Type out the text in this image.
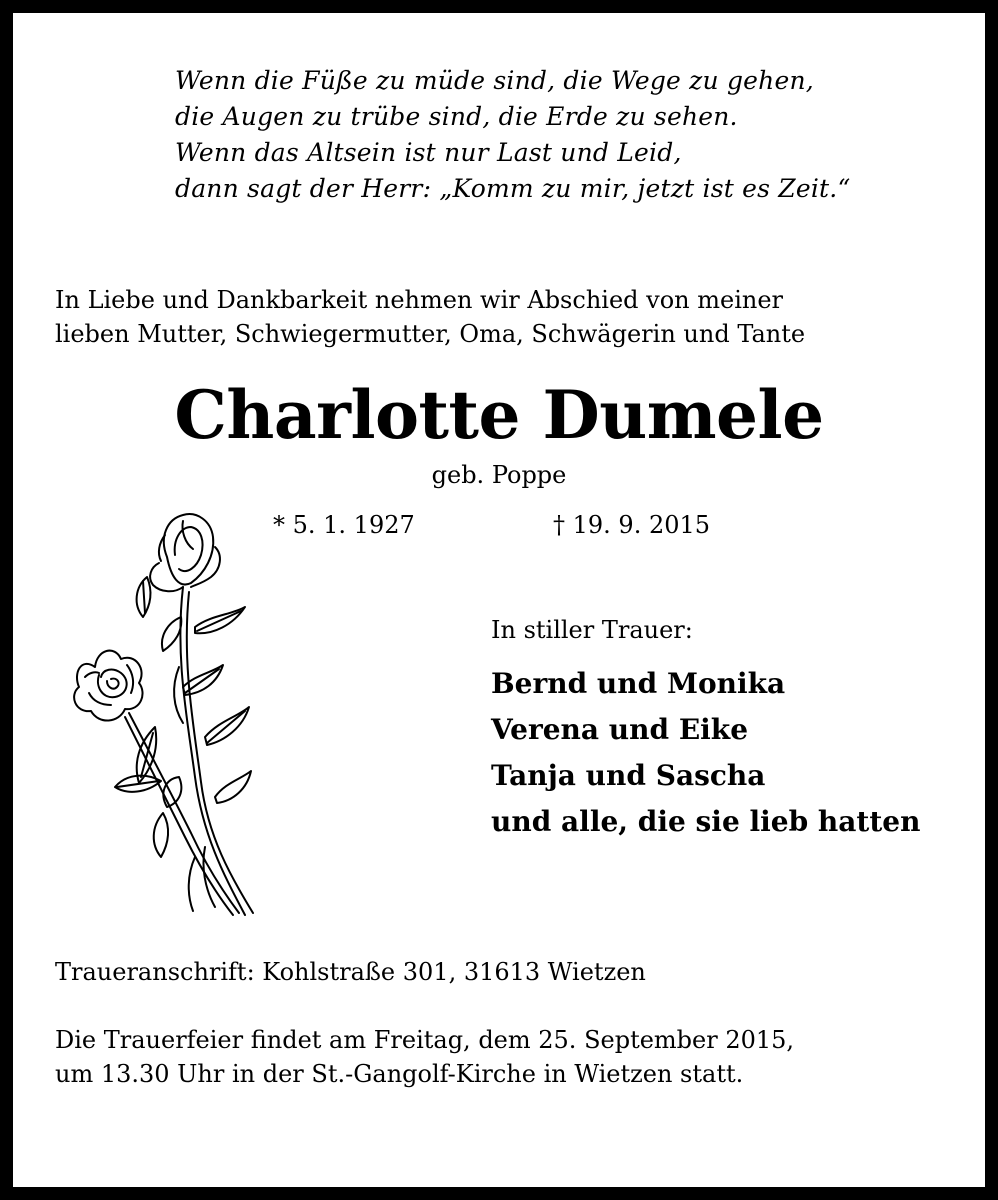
Wenn die Füße zu müde sind, die Wege zu gehen,
die Augen zu trübe sind, die Erde zu sehen.
Wenn das Altsein ist nur Last und Leid,
dann sagt der Herr: „Komm zu mir, jetzt ist es Zeit.“
In Liebe und Dankbarkeit nehmen wir Abschied von meiner
lieben Mutter, Schwiegermutter, Oma, Schwägerin und Tante
Charlotte Dumele
geb. Poppe
* 5. 1. 1927	† 19. 9. 2015
In stiller Trauer:
Bernd und Monika
Verena und Eike
Tanja und Sascha
und alle, die sie lieb hatten
Traueranschrift: Kohlstraße 301, 31613 Wietzen
Die Trauerfeier findet am Freitag, dem 25. September 2015,
um 13.30 Uhr in der St.-Gangolf-Kirche in Wietzen statt.
